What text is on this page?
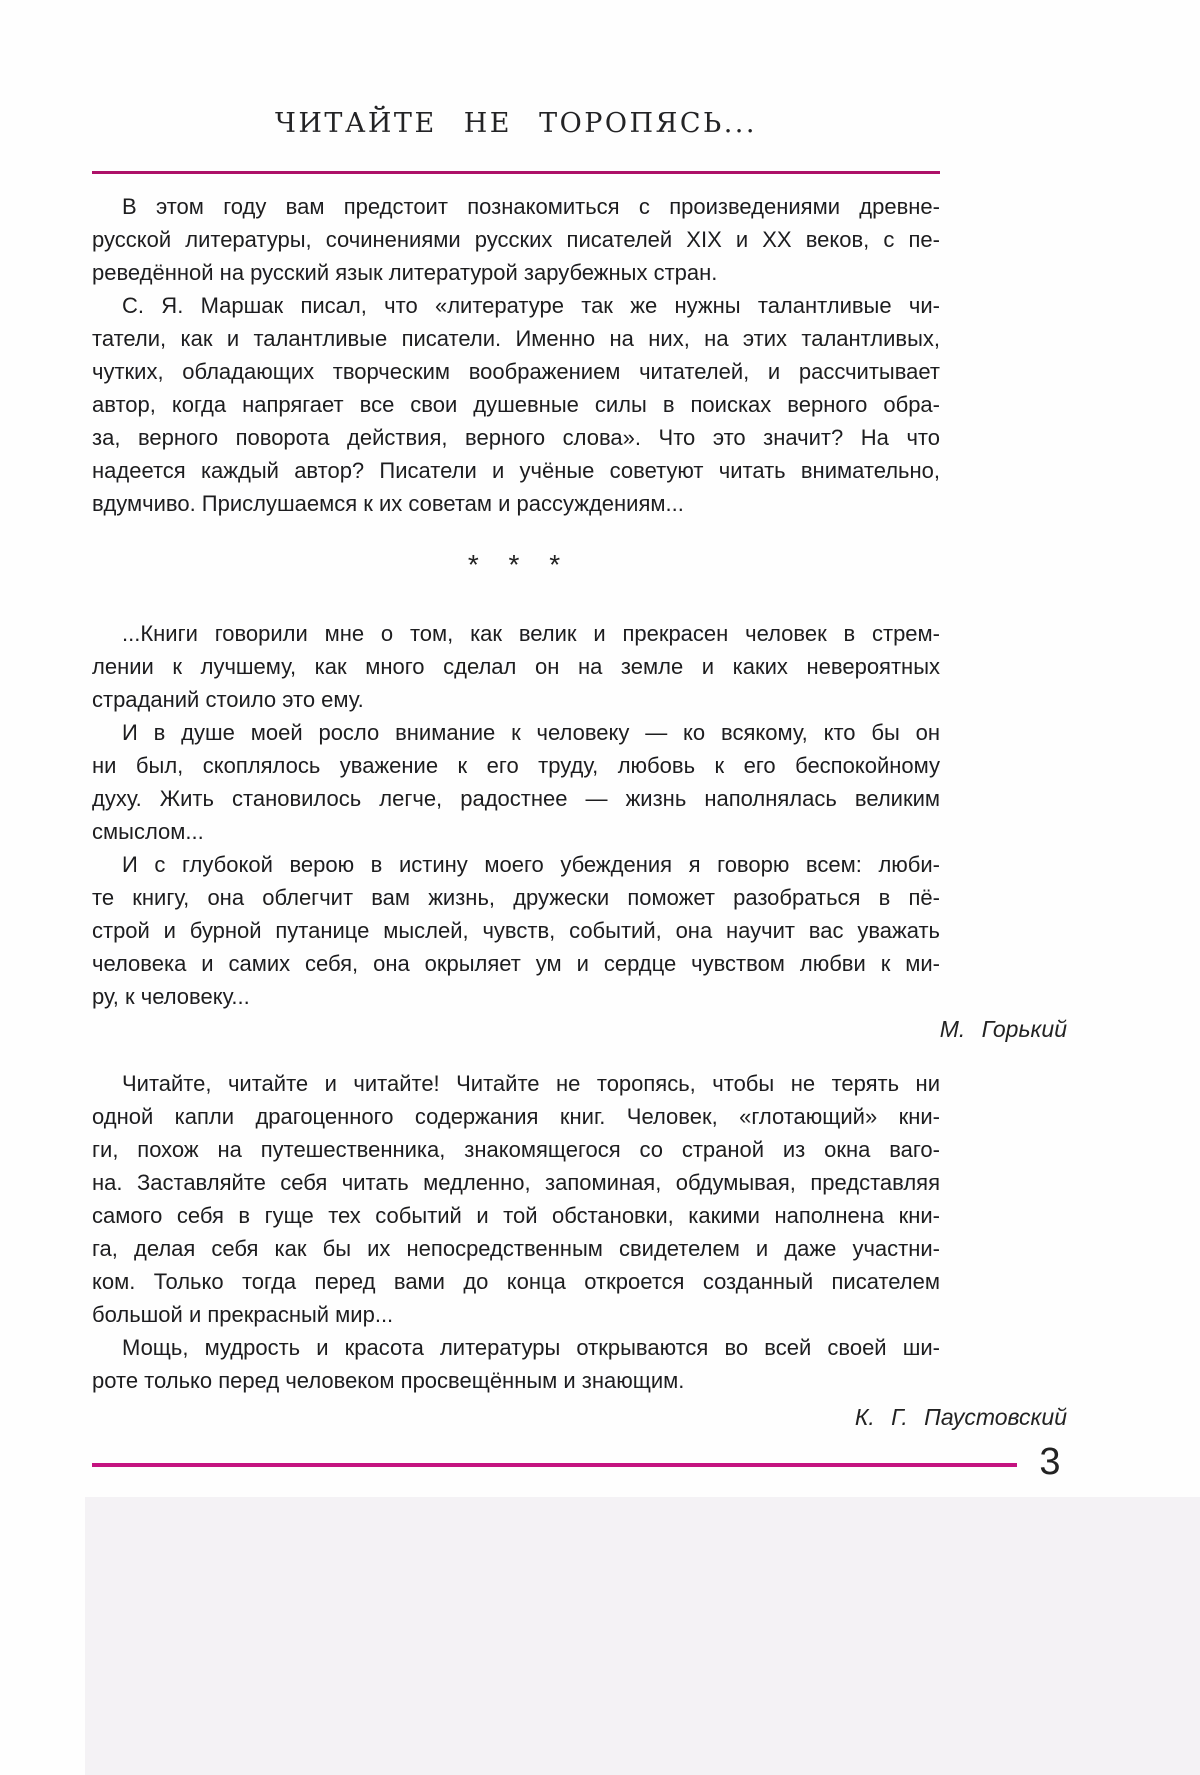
ЧИТАЙТЕ НЕ ТОРОПЯСЬ...
В этом году вам предстоит познакомиться с произведениями древне-
русской литературы, сочинениями русских писателей XIX и XX веков, с пе-
реведённой на русский язык литературой зарубежных стран.
С. Я. Маршак писал, что «литературе так же нужны талантливые чи-
татели, как и талантливые писатели. Именно на них, на этих талантливых,
чутких, обладающих творческим воображением читателей, и рассчитывает
автор, когда напрягает все свои душевные силы в поисках верного обра-
за, верного поворота действия, верного слова». Что это значит? На что
надеется каждый автор? Писатели и учёные советуют читать внимательно,
вдумчиво. Прислушаемся к их советам и рассуждениям...
* * *
...Книги говорили мне о том, как велик и прекрасен человек в стрем-
лении к лучшему, как много сделал он на земле и каких невероятных
страданий стоило это ему.
И в душе моей росло внимание к человеку — ко всякому, кто бы он
ни был, скоплялось уважение к его труду, любовь к его беспокойному
духу. Жить становилось легче, радостнее — жизнь наполнялась великим
смыслом...
И с глубокой верою в истину моего убеждения я говорю всем: люби-
те книгу, она облегчит вам жизнь, дружески поможет разобраться в пё-
строй и бурной путанице мыслей, чувств, событий, она научит вас уважать
человека и самих себя, она окрыляет ум и сердце чувством любви к ми-
ру, к человеку...
М. Горький
Читайте, читайте и читайте! Читайте не торопясь, чтобы не терять ни
одной капли драгоценного содержания книг. Человек, «глотающий» кни-
ги, похож на путешественника, знакомящегося со страной из окна ваго-
на. Заставляйте себя читать медленно, запоминая, обдумывая, представляя
самого себя в гуще тех событий и той обстановки, какими наполнена кни-
га, делая себя как бы их непосредственным свидетелем и даже участни-
ком. Только тогда перед вами до конца откроется созданный писателем
большой и прекрасный мир...
Мощь, мудрость и красота литературы открываются во всей своей ши-
роте только перед человеком просвещённым и знающим.
К. Г. Паустовский
3
